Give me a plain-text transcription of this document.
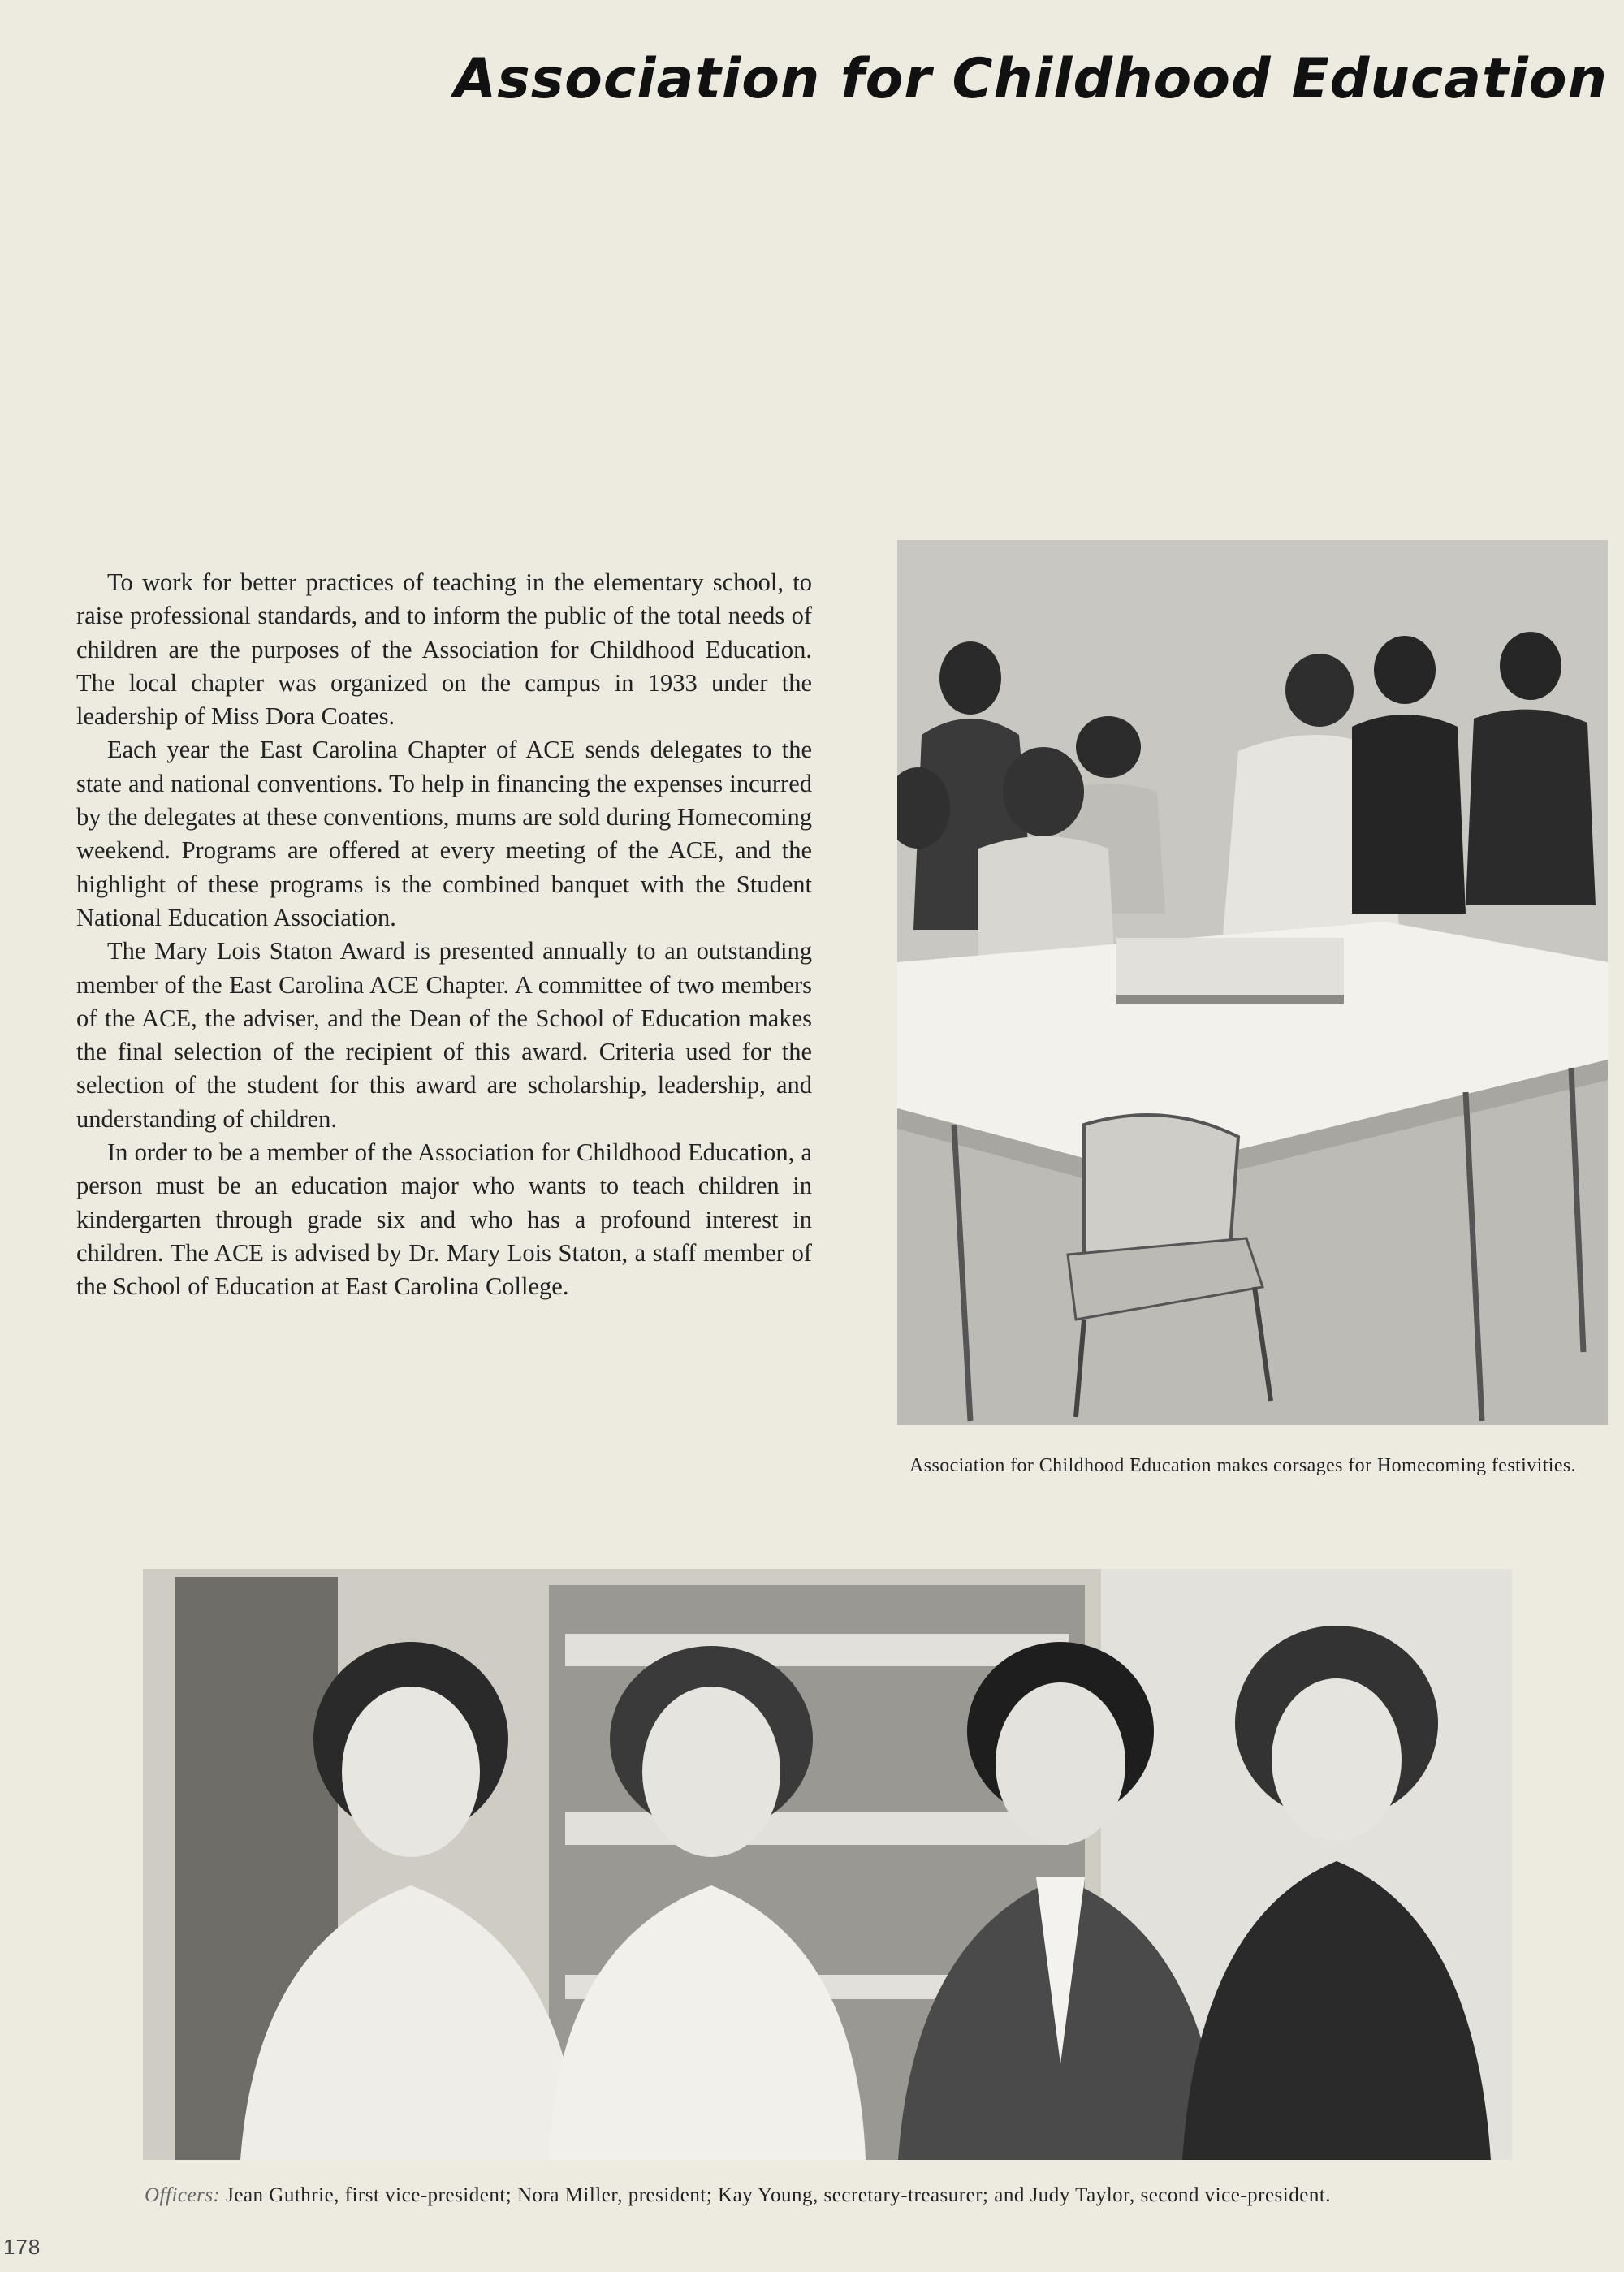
Association for Childhood Education

To work for better practices of teaching in the elementary school, to raise professional standards, and to inform the public of the total needs of children are the purposes of the Association for Childhood Education. The local chapter was organized on the campus in 1933 under the leadership of Miss Dora Coates.

Each year the East Carolina Chapter of ACE sends delegates to the state and national conventions. To help in financing the expenses incurred by the delegates at these conventions, mums are sold during Homecoming weekend. Programs are offered at every meeting of the ACE, and the highlight of these programs is the combined banquet with the Student National Education Association.

The Mary Lois Staton Award is presented annually to an outstanding member of the East Carolina ACE Chapter. A committee of two members of the ACE, the adviser, and the Dean of the School of Education makes the final selection of the recipient of this award. Criteria used for the selection of the student for this award are scholarship, leadership, and understanding of children.

In order to be a member of the Association for Childhood Education, a person must be an education major who wants to teach children in kindergarten through grade six and who has a profound interest in children. The ACE is advised by Dr. Mary Lois Staton, a staff member of the School of Education at East Carolina College.

Association for Childhood Education makes corsages for Homecoming festivities.
Officers: Jean Guthrie, first vice-president; Nora Miller, president; Kay Young, secretary-treasurer; and Judy Taylor, second vice-president.
178
